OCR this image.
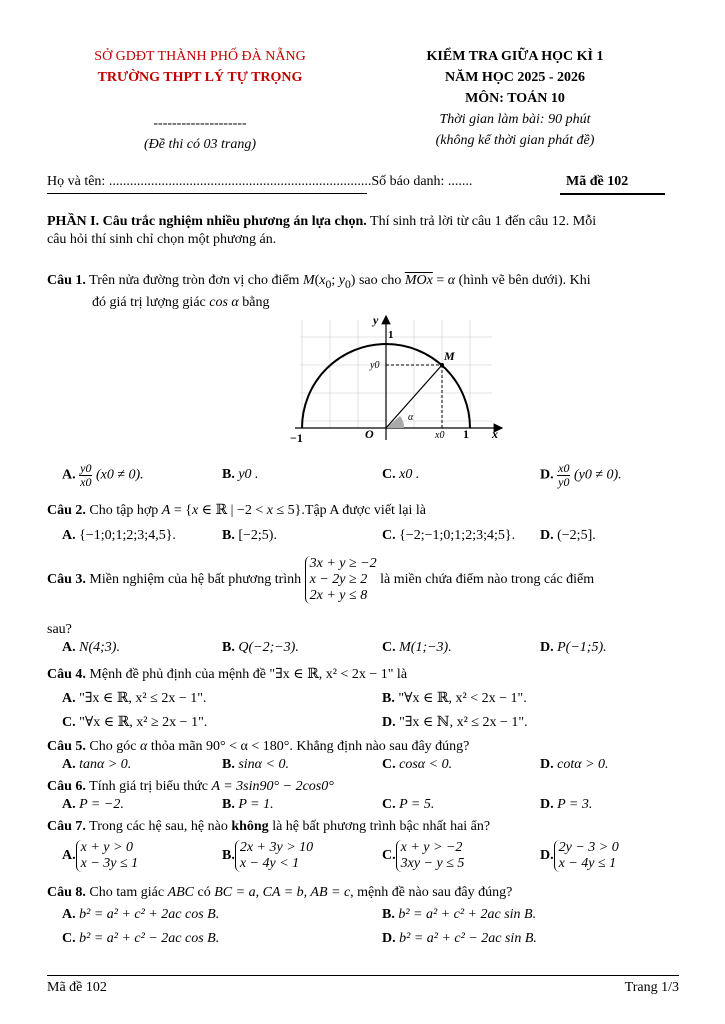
SỞ GDĐT THÀNH PHỐ ĐÀ NẴNG
TRƯỜNG THPT LÝ TỰ TRỌNG
--------------------
(Đề thi có 03 trang)
KIỂM TRA GIỮA HỌC KÌ 1
NĂM HỌC 2025 - 2026
MÔN: TOÁN 10
Thời gian làm bài: 90 phút
(không kể thời gian phát đề)
Họ và tên: ...........................................................................Số báo danh: .......	Mã đề 102
PHẦN I. Câu trắc nghiệm nhiều phương án lựa chọn. Thí sinh trả lời từ câu 1 đến câu 12. Mỗi
câu hỏi thí sinh chỉ chọn một phương án.
Câu 1. Trên nửa đường tròn đơn vị cho điểm $M(x_0$; $y_0$) sao cho $\overline{MOx} = \alpha$ (hình vẽ bên dưới). Khi
đó giá trị lượng giác cos α bằng
y
1
y0
M
α
−1	O	x0 1 x
A. $\frac{y0}{x0} (x0 \ne 0)$.	B. y0 .	C. x0 .	D. $\frac{x0}{y0} (y0 \ne 0)$.
Câu 2. Cho tập hợp A = {x ∈ ℝ | −2 < x ≤ 5}.Tập A được viết lại là
A. {−1;0;1;2;3;4,5}.	B. [−2;5).	C. {−2;−1;0;1;2;3;4;5}. D. (−2;5].
Câu 3. Miền nghiệm của hệ bất phương trình 3x + y ≥ −2
x − 2y ≥ 2
2x + y ≤ 8 là miền chứa điểm nào trong các điểm
sau?
A. N(4;3).	B. Q(−2;−3).	C. M(1;−3).	D. P(−1;5).
Câu 4. Mệnh đề phủ định của mệnh đề "∃x ∈ ℝ, x² < 2x − 1" là
A. "∃x ∈ ℝ, x² ≤ 2x − 1".	B. "∀x ∈ ℝ, x² < 2x − 1".
C. "∀x ∈ ℝ, x² ≥ 2x − 1".	D. "∃x ∈ ℕ, x² ≤ 2x − 1".
Câu 5. Cho góc α thỏa mãn 90° < α < 180°. Khẳng định nào sau đây đúng?
A. tanα > 0.	B. sinα < 0.	C. cosα < 0.	D. cotα > 0.
Câu 6. Tính giá trị biểu thức A = 3sin90° − 2cos0°
A. P = −2.	B. P = 1.	C. P = 5.	D. P = 3.
Câu 7. Trong các hệ sau, hệ nào không là hệ bất phương trình bậc nhất hai ẩn?
A.x + y > 0
x − 3y ≤ 1
B.2x + 3y > 10
x − 4y < 1
C.x + y > −2
3xy − y ≤ 5
D.2y − 3 > 0
x − 4y ≤ 1
Câu 8. Cho tam giác ABC có BC = a, CA = b, AB = c, mệnh đề nào sau đây đúng?
A. b² = a² + c² + 2ac cos B.	B. b² = a² + c² + 2ac sin B.
C. b² = a² + c² − 2ac cos B.	D. b² = a² + c² − 2ac sin B.
Mã đề 102	Trang 1/3
